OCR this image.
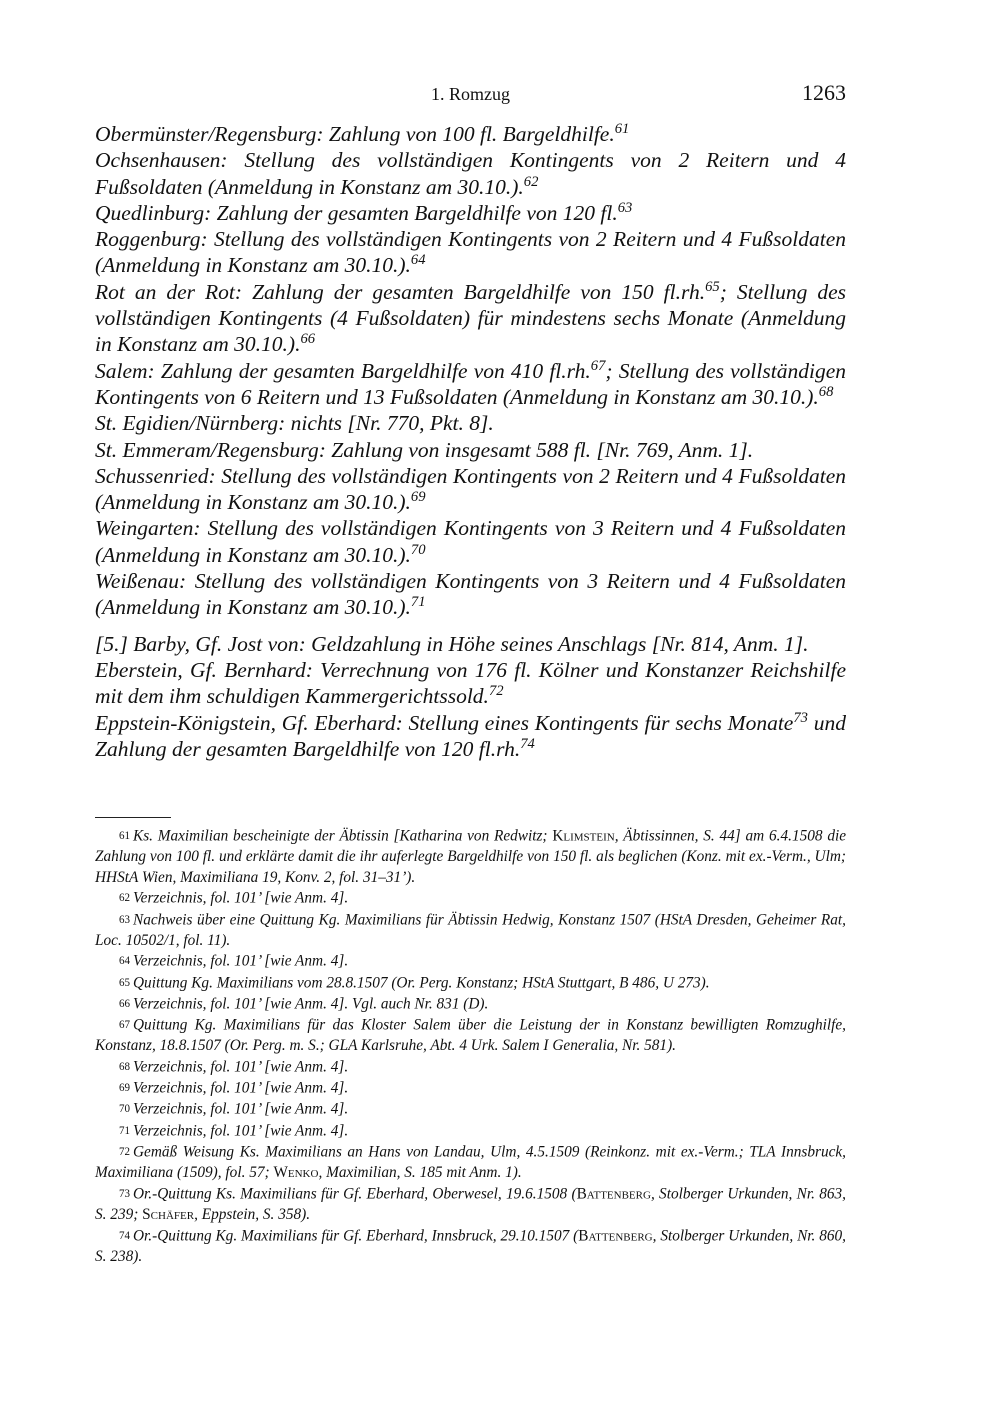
1. Romzug	1263

Obermünster/Regensburg: Zahlung von 100 fl. Bargeldhilfe.$^{61}$

Ochsenhausen: Stellung des vollständigen Kontingents von 2 Reitern und 4 Fußsoldaten (Anmeldung in Konstanz am 30.10.).$^{62}$

Quedlinburg: Zahlung der gesamten Bargeldhilfe von 120 fl.$^{63}$

Roggenburg: Stellung des vollständigen Kontingents von 2 Reitern und 4 Fußsoldaten (Anmeldung in Konstanz am 30.10.).$^{64}$

Rot an der Rot: Zahlung der gesamten Bargeldhilfe von 150 fl.rh.$^{65}$; Stellung des vollständigen Kontingents (4 Fußsoldaten) für mindestens sechs Monate (Anmeldung in Konstanz am 30.10.).$^{66}$

Salem: Zahlung der gesamten Bargeldhilfe von 410 fl.rh.$^{67}$; Stellung des vollständigen Kontingents von 6 Reitern und 13 Fußsoldaten (Anmeldung in Konstanz am 30.10.).$^{68}$

St. Egidien/Nürnberg: nichts [Nr. 770, Pkt. 8].

St. Emmeram/Regensburg: Zahlung von insgesamt 588 fl. [Nr. 769, Anm. 1].

Schussenried: Stellung des vollständigen Kontingents von 2 Reitern und 4 Fußsoldaten (Anmeldung in Konstanz am 30.10.).$^{69}$

Weingarten: Stellung des vollständigen Kontingents von 3 Reitern und 4 Fußsoldaten (Anmeldung in Konstanz am 30.10.).$^{70}$

Weißenau: Stellung des vollständigen Kontingents von 3 Reitern und 4 Fußsoldaten (Anmeldung in Konstanz am 30.10.).$^{71}$

[5.] Barby, Gf. Jost von: Geldzahlung in Höhe seines Anschlags [Nr. 814, Anm. 1].

Eberstein, Gf. Bernhard: Verrechnung von 176 fl. Kölner und Konstanzer Reichshilfe mit dem ihm schuldigen Kammergerichtssold.$^{72}$

Eppstein-Königstein, Gf. Eberhard: Stellung eines Kontingents für sechs Monate$^{73}$ und Zahlung der gesamten Bargeldhilfe von 120 fl.rh.$^{74}$

61 Ks. Maximilian bescheinigte der Äbtissin [Katharina von Redwitz; Klimstein, Äbtissinnen, S. 44] am 6.4.1508 die Zahlung von 100 fl. und erklärte damit die ihr auferlegte Bargeldhilfe von 150 fl. als beglichen (Konz. mit ex.-Verm., Ulm; HHStA Wien, Maximiliana 19, Konv. 2, fol. 31–31’).

62 Verzeichnis, fol. 101’ [wie Anm. 4].

63 Nachweis über eine Quittung Kg. Maximilians für Äbtissin Hedwig, Konstanz 1507 (HStA Dresden, Geheimer Rat, Loc. 10502/1, fol. 11).

64 Verzeichnis, fol. 101’ [wie Anm. 4].

65 Quittung Kg. Maximilians vom 28.8.1507 (Or. Perg. Konstanz; HStA Stuttgart, B 486, U 273).

66 Verzeichnis, fol. 101’ [wie Anm. 4]. Vgl. auch Nr. 831 (D).

67 Quittung Kg. Maximilians für das Kloster Salem über die Leistung der in Konstanz bewilligten Romzughilfe, Konstanz, 18.8.1507 (Or. Perg. m. S.; GLA Karlsruhe, Abt. 4 Urk. Salem I Generalia, Nr. 581).

68 Verzeichnis, fol. 101’ [wie Anm. 4].

69 Verzeichnis, fol. 101’ [wie Anm. 4].

70 Verzeichnis, fol. 101’ [wie Anm. 4].

71 Verzeichnis, fol. 101’ [wie Anm. 4].

72 Gemäß Weisung Ks. Maximilians an Hans von Landau, Ulm, 4.5.1509 (Reinkonz. mit ex.-Verm.; TLA Innsbruck, Maximiliana (1509), fol. 57; Wenko, Maximilian, S. 185 mit Anm. 1).

73 Or.-Quittung Ks. Maximilians für Gf. Eberhard, Oberwesel, 19.6.1508 (Battenberg, Stolberger Urkunden, Nr. 863, S. 239; Schäfer, Eppstein, S. 358).

74 Or.-Quittung Kg. Maximilians für Gf. Eberhard, Innsbruck, 29.10.1507 (Battenberg, Stolberger Urkunden, Nr. 860, S. 238).
